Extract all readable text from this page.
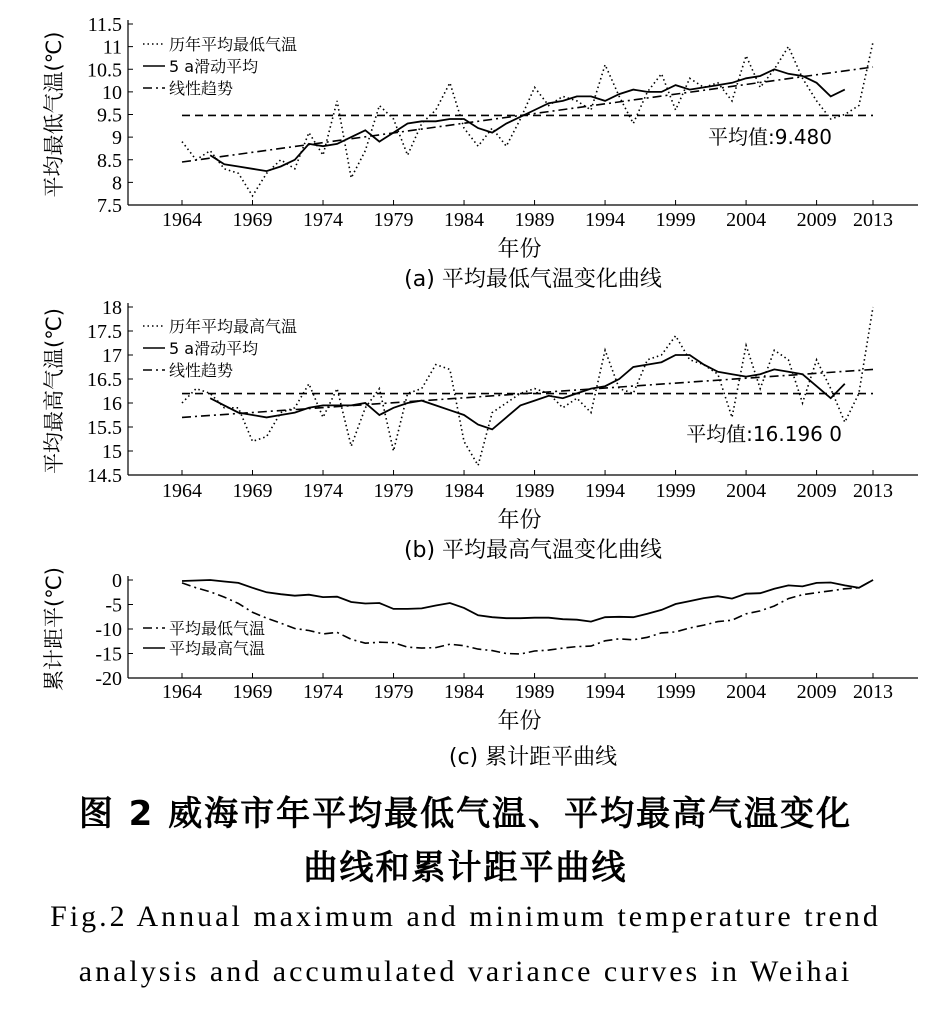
7.5
8
8.5
9
9.5
10
10.5
11
11.5
1964 1969 1974 1979 1984 1989 1994 1999 2004 2009 2013
年份
平均最低气温(℃)
(a) 平均最低气温变化曲线
历年平均最低气温
5 a滑动平均
线性趋势
平均值:9.480
14.5
15
15.5
16
16.5
17
17.5
18
1964 1969 1974 1979 1984 1989 1994 1999 2004 2009 2013
年份
平均最高气温(℃)
(b) 平均最高气温变化曲线
历年平均最高气温
5 a滑动平均
线性趋势
平均值:16.196 0
0
-5
-10
-15
-20
1964 1969 1974 1979 1984 1989 1994 1999 2004 2009 2013
年份
累计距平(℃)
(c) 累计距平曲线
平均最低气温
平均最高气温
图 2 威海市年平均最低气温、平均最高气温变化
曲线和累计距平曲线
Fig.2 Annual maximum and minimum temperature trend
analysis and accumulated variance curves in Weihai
